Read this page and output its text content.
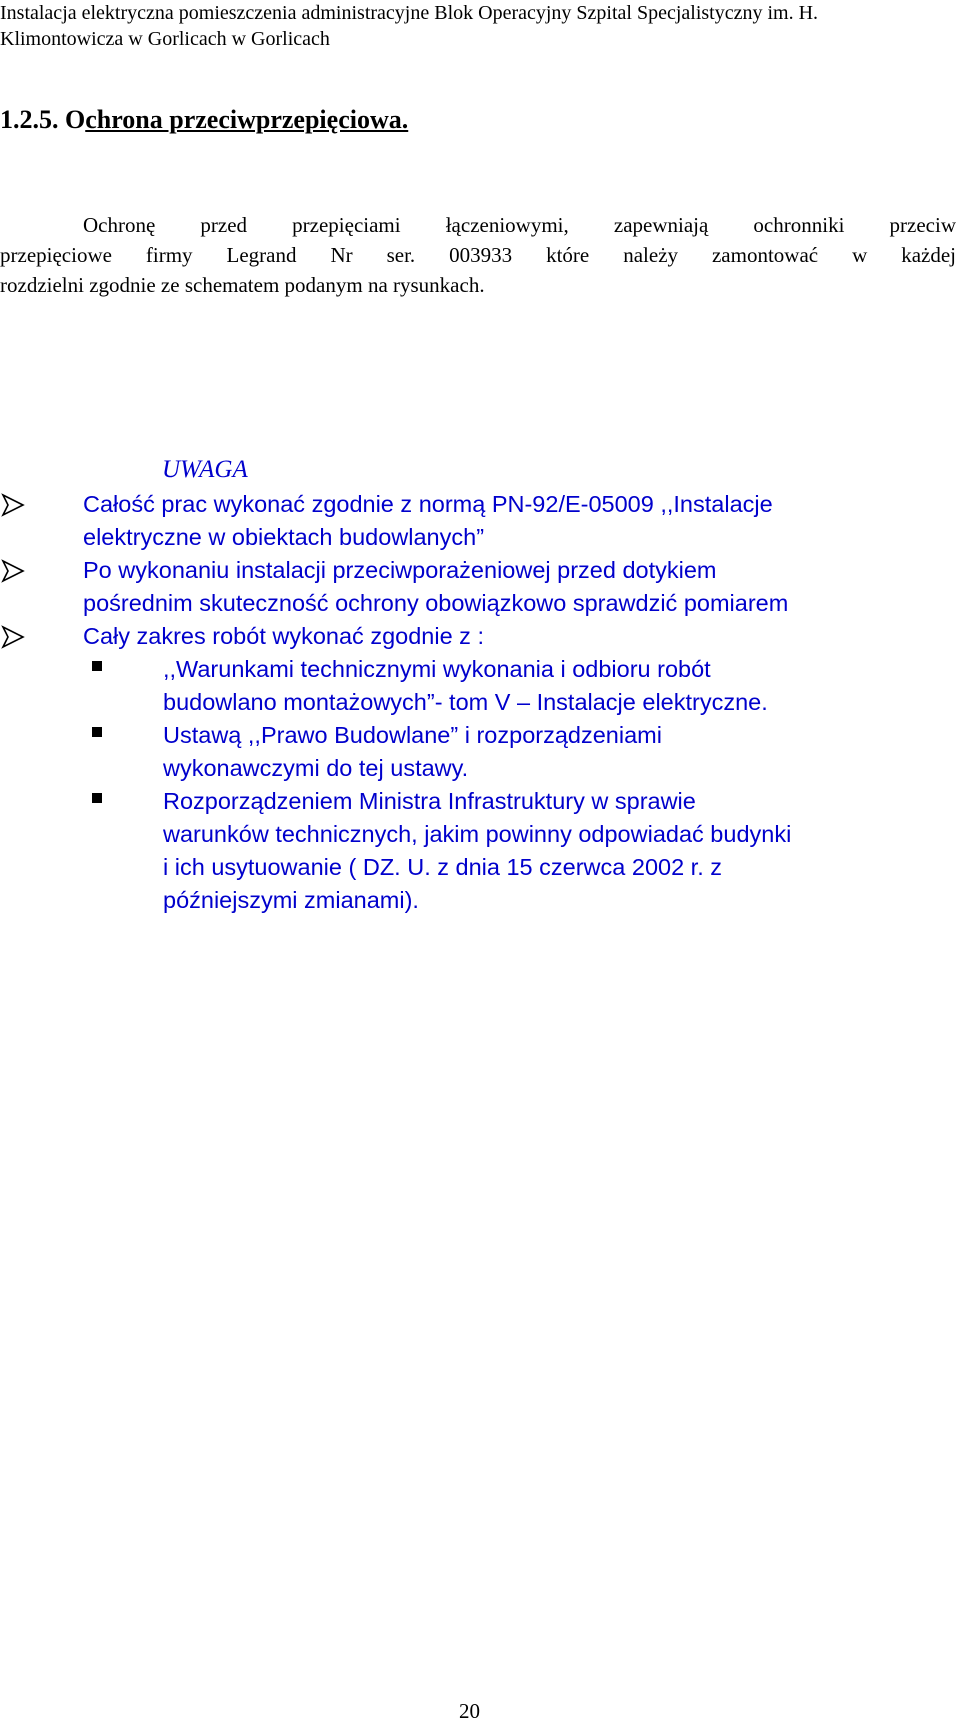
Instalacja elektryczna pomieszczenia administracyjne Blok Operacyjny Szpital Specjalistyczny im. H.
Klimontowicza w Gorlicach w Gorlicach
1.2.5. Ochrona przeciwprzepięciowa.
Ochronę przed przepięciami łączeniowymi, zapewniają ochronniki przeciw
przepięciowe firmy Legrand Nr ser. 003933 które należy zamontować w każdej
rozdzielni zgodnie ze schematem podanym na rysunkach.
UWAGA
Całość prac wykonać zgodnie z normą PN-92/E-05009 ,,Instalacje
elektryczne w obiektach budowlanych”
Po wykonaniu instalacji przeciwporażeniowej przed dotykiem
pośrednim skuteczność ochrony obowiązkowo sprawdzić pomiarem
Cały zakres robót wykonać zgodnie z :
,,Warunkami technicznymi wykonania i odbioru robót
budowlano montażowych”- tom V – Instalacje elektryczne.
Ustawą ,,Prawo Budowlane” i rozporządzeniami
wykonawczymi do tej ustawy.
Rozporządzeniem Ministra Infrastruktury w sprawie
warunków technicznych, jakim powinny odpowiadać budynki
i ich usytuowanie ( DZ. U. z dnia 15 czerwca 2002 r. z
późniejszymi zmianami).
20
